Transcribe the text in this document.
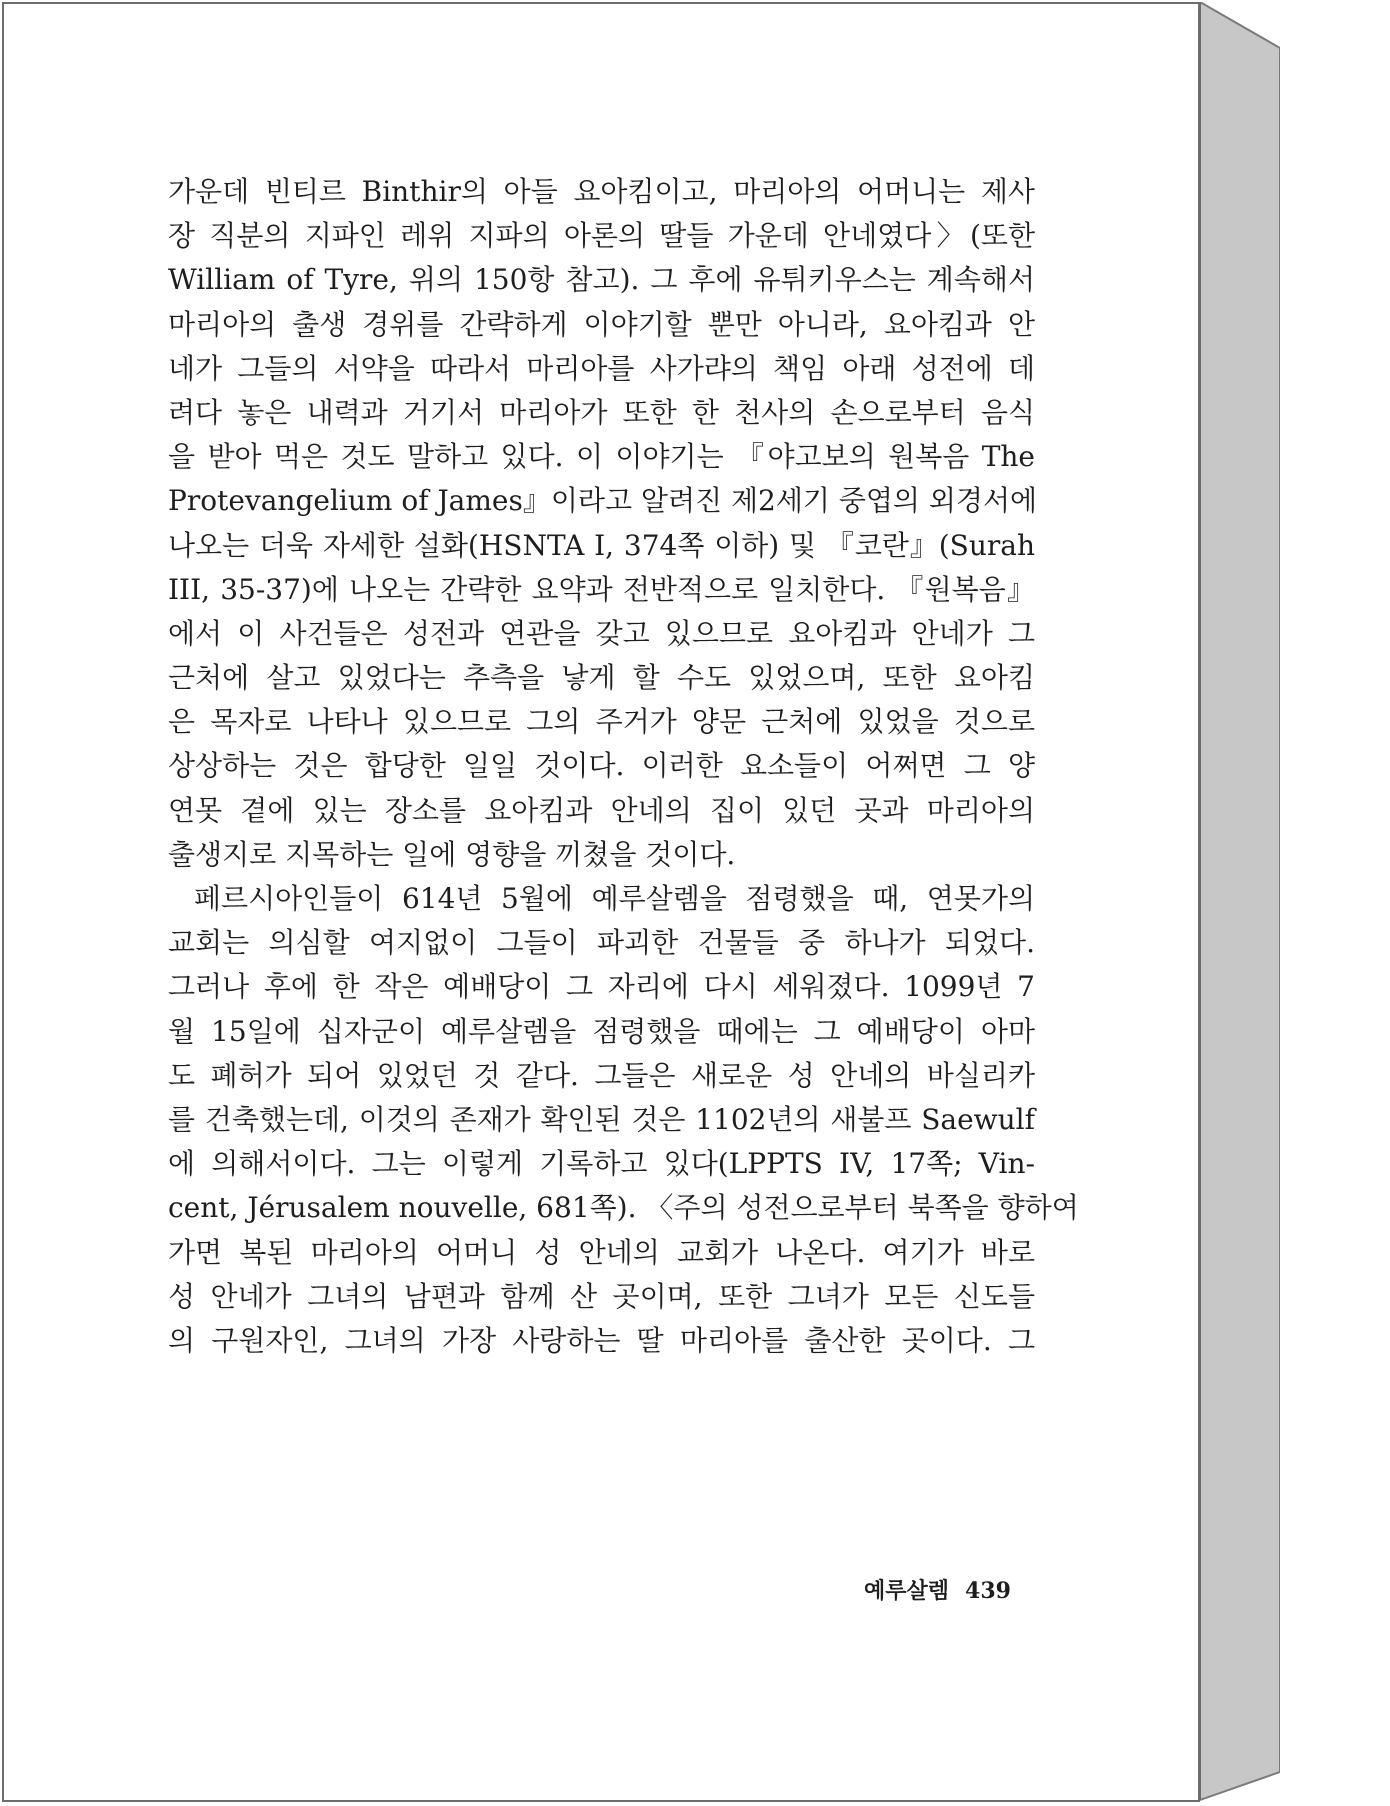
가운데 빈티르 Binthir의 아들 요아킴이고, 마리아의 어머니는 제사
장 직분의 지파인 레위 지파의 아론의 딸들 가운데 안네였다〉(또한
William of Tyre, 위의 150항 참고). 그 후에 유튀키우스는 계속해서
마리아의 출생 경위를 간략하게 이야기할 뿐만 아니라, 요아킴과 안
네가 그들의 서약을 따라서 마리아를 사가랴의 책임 아래 성전에 데
려다 놓은 내력과 거기서 마리아가 또한 한 천사의 손으로부터 음식
을 받아 먹은 것도 말하고 있다. 이 이야기는 『야고보의 원복음 The
Protevangelium of James』이라고 알려진 제2세기 중엽의 외경서에
나오는 더욱 자세한 설화(HSNTA I, 374쪽 이하) 및 『코란』(Surah
III, 35-37)에 나오는 간략한 요약과 전반적으로 일치한다. 『원복음』
에서 이 사건들은 성전과 연관을 갖고 있으므로 요아킴과 안네가 그
근처에 살고 있었다는 추측을 낳게 할 수도 있었으며, 또한 요아킴
은 목자로 나타나 있으므로 그의 주거가 양문 근처에 있었을 것으로
상상하는 것은 합당한 일일 것이다. 이러한 요소들이 어쩌면 그 양
연못 곁에 있는 장소를 요아킴과 안네의 집이 있던 곳과 마리아의
출생지로 지목하는 일에 영향을 끼쳤을 것이다.
페르시아인들이 614년 5월에 예루살렘을 점령했을 때, 연못가의
교회는 의심할 여지없이 그들이 파괴한 건물들 중 하나가 되었다.
그러나 후에 한 작은 예배당이 그 자리에 다시 세워졌다. 1099년 7
월 15일에 십자군이 예루살렘을 점령했을 때에는 그 예배당이 아마
도 폐허가 되어 있었던 것 같다. 그들은 새로운 성 안네의 바실리카
를 건축했는데, 이것의 존재가 확인된 것은 1102년의 새불프 Saewulf
에 의해서이다. 그는 이렇게 기록하고 있다(LPPTS IV, 17쪽; Vin-
cent, Jérusalem nouvelle, 681쪽). 〈주의 성전으로부터 북쪽을 향하여
가면 복된 마리아의 어머니 성 안네의 교회가 나온다. 여기가 바로
성 안네가 그녀의 남편과 함께 산 곳이며, 또한 그녀가 모든 신도들
의 구원자인, 그녀의 가장 사랑하는 딸 마리아를 출산한 곳이다. 그
예루살렘 439
